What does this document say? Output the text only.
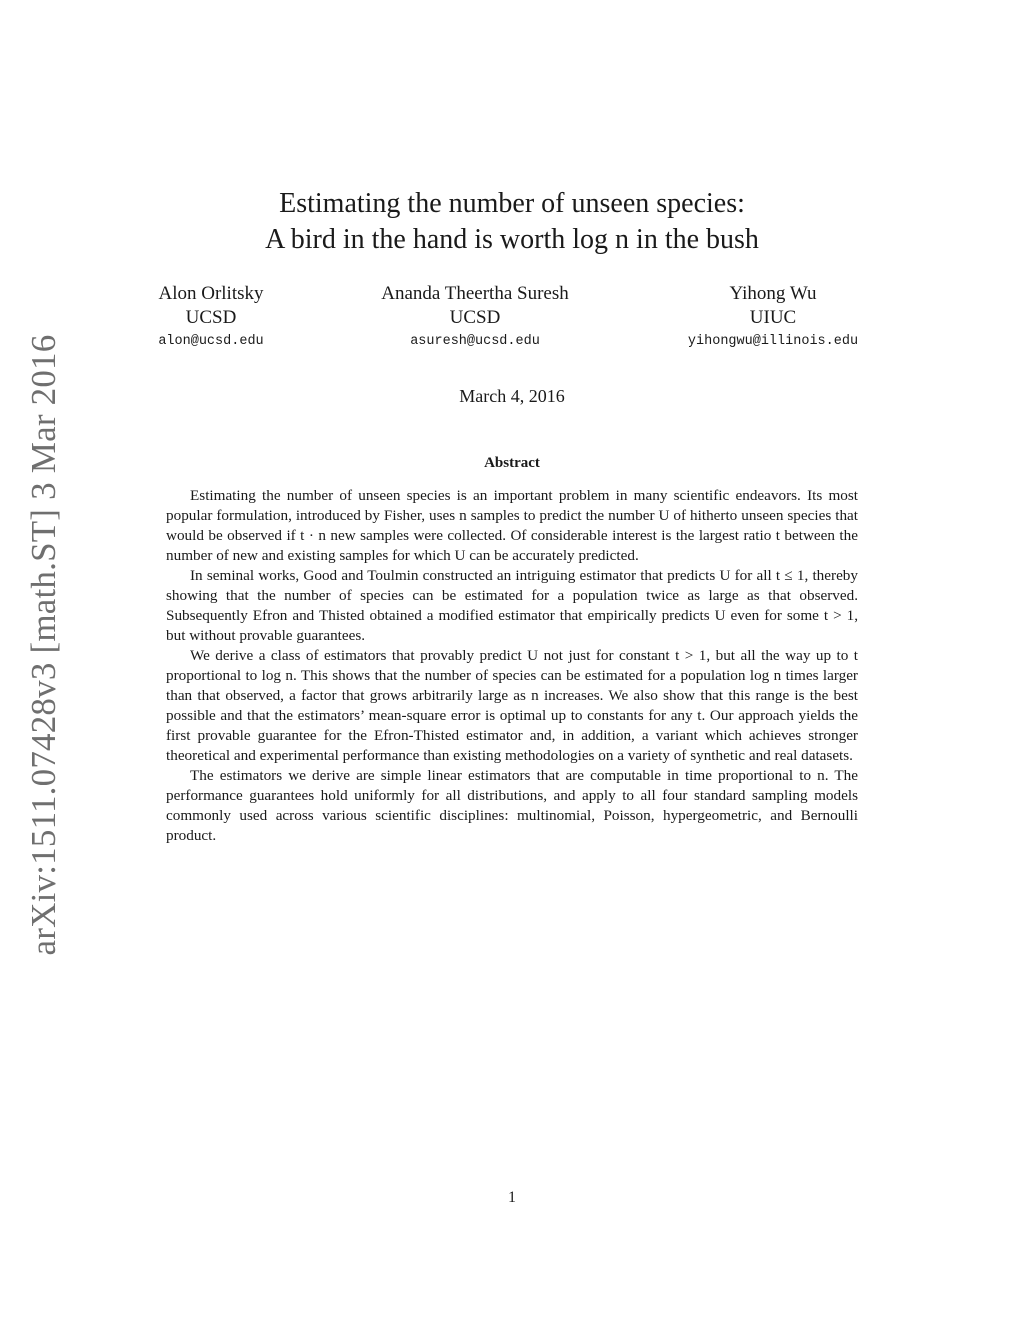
arXiv:1511.07428v3 [math.ST] 3 Mar 2016
Estimating the number of unseen species:
A bird in the hand is worth log n in the bush
Alon Orlitsky
UCSD
alon@ucsd.edu
Ananda Theertha Suresh
UCSD
asuresh@ucsd.edu
Yihong Wu
UIUC
yihongwu@illinois.edu
March 4, 2016
Abstract

Estimating the number of unseen species is an important problem in many scientific endeavors. Its most popular formulation, introduced by Fisher, uses n samples to predict the number U of hitherto unseen species that would be observed if t · n new samples were collected. Of considerable interest is the largest ratio t between the number of new and existing samples for which U can be accurately predicted.

In seminal works, Good and Toulmin constructed an intriguing estimator that predicts U for all t ≤ 1, thereby showing that the number of species can be estimated for a population twice as large as that observed. Subsequently Efron and Thisted obtained a modified estimator that empirically predicts U even for some t > 1, but without provable guarantees.

We derive a class of estimators that provably predict U not just for constant t > 1, but all the way up to t proportional to log n. This shows that the number of species can be estimated for a population log n times larger than that observed, a factor that grows arbitrarily large as n increases. We also show that this range is the best possible and that the estimators’ mean-square error is optimal up to constants for any t. Our approach yields the first provable guarantee for the Efron-Thisted estimator and, in addition, a variant which achieves stronger theoretical and experimental performance than existing methodologies on a variety of synthetic and real datasets.

The estimators we derive are simple linear estimators that are computable in time proportional to n. The performance guarantees hold uniformly for all distributions, and apply to all four standard sampling models commonly used across various scientific disciplines: multinomial, Poisson, hypergeometric, and Bernoulli product.

1
